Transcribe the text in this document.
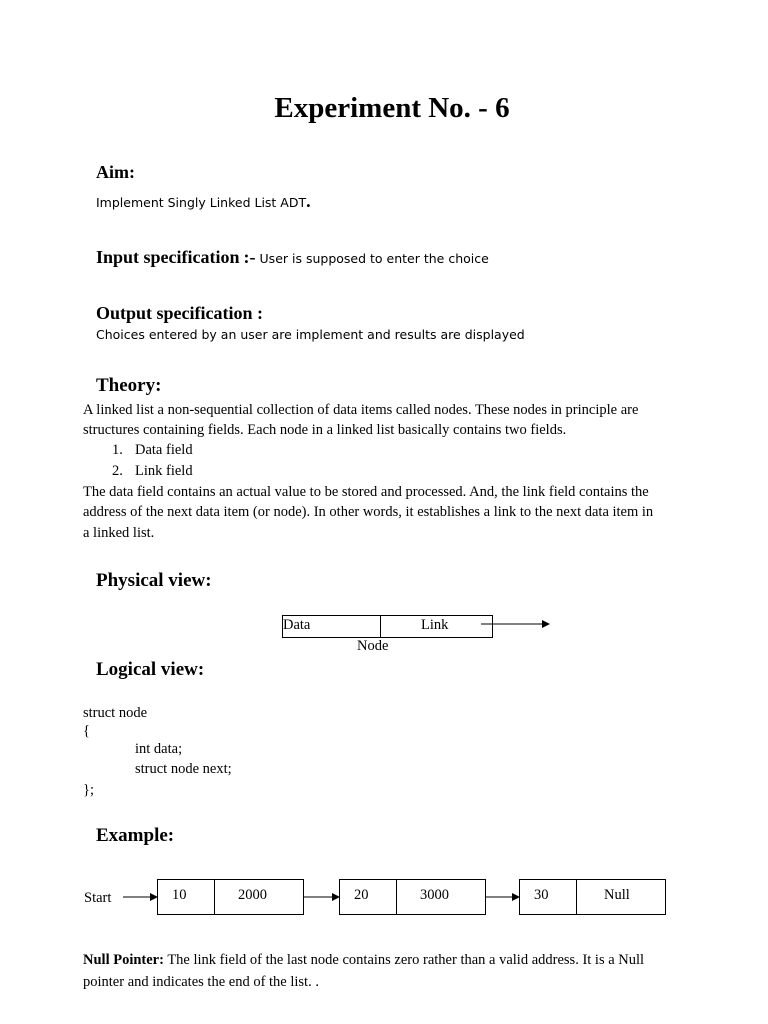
Experiment No. - 6
Aim:
Implement Singly Linked List ADT.
Input specification :- User is supposed to enter the choice
Output specification :
Choices entered by an user are implement and results are displayed
Theory:
A linked list a non-sequential collection of data items called nodes. These nodes in principle are
structures containing fields. Each node in a linked list basically contains two fields.
1. Data field
2. Link field
The data field contains an actual value to be stored and processed. And, the link field contains the
address of the next data item (or node). In other words, it establishes a link to the next data item in
a linked list.
Physical view:
Data	Link
Node
Logical view:
struct node
{
int data;
struct node next;
};
Example:
Start	10	2000	20	3000	30	Null
Null Pointer: The link field of the last node contains zero rather than a valid address. It is a Null
pointer and indicates the end of the list. .
